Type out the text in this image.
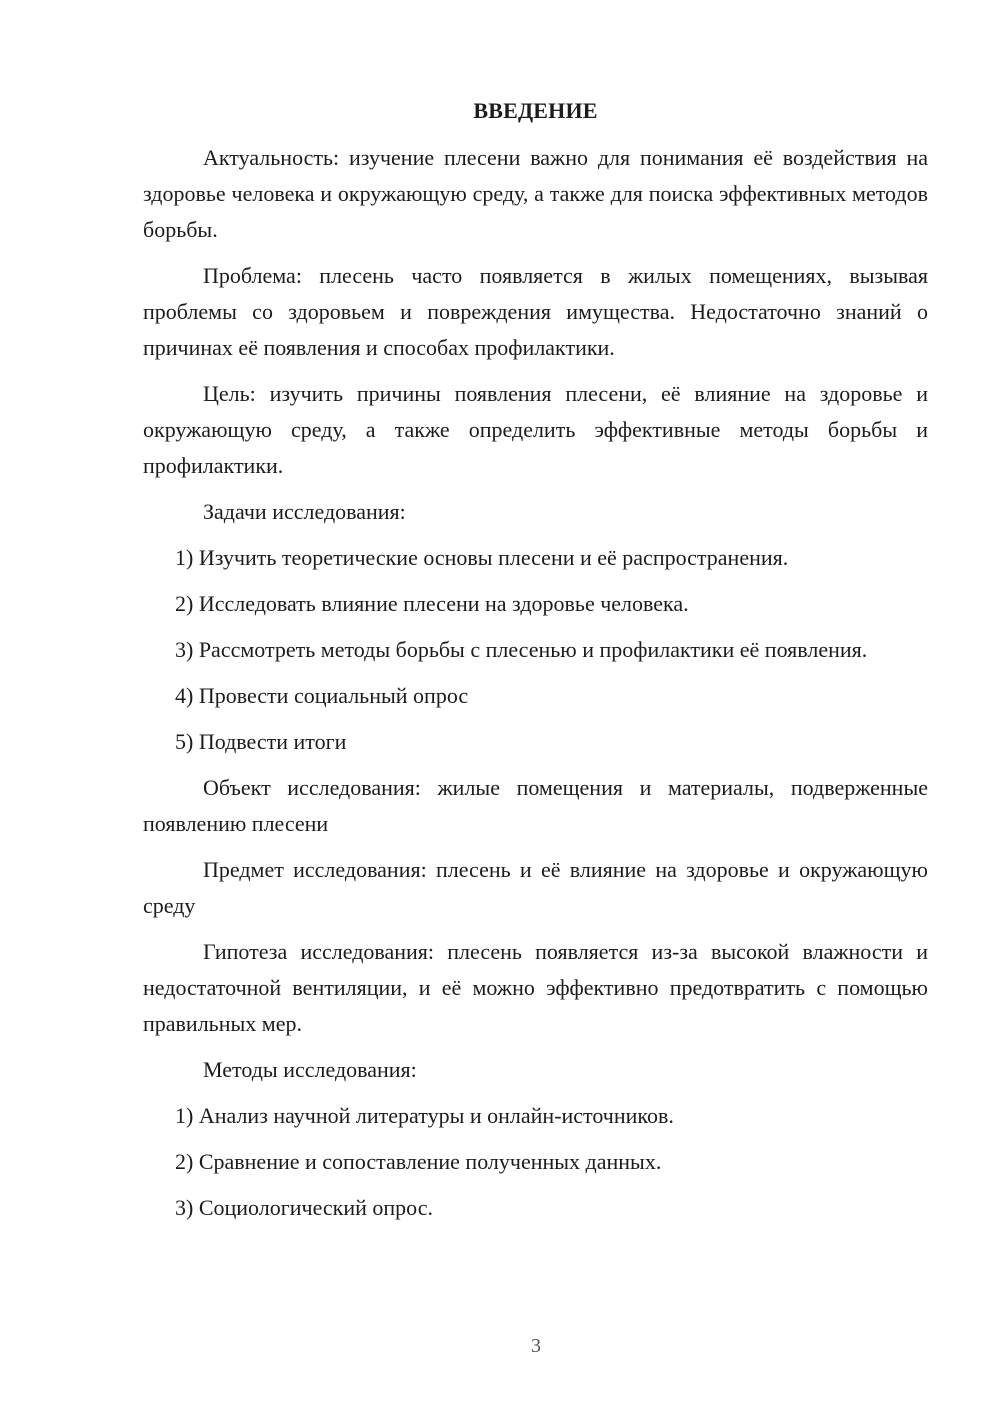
ВВЕДЕНИЕ

Актуальность: изучение плесени важно для понимания её воздействия на здоровье человека и окружающую среду, а также для поиска эффективных методов борьбы.

Проблема: плесень часто появляется в жилых помещениях, вызывая проблемы со здоровьем и повреждения имущества. Недостаточно знаний о причинах её появления и способах профилактики.

Цель: изучить причины появления плесени, её влияние на здоровье и окружающую среду, а также определить эффективные методы борьбы и профилактики.

Задачи исследования:

1) Изучить теоретические основы плесени и её распространения.

2) Исследовать влияние плесени на здоровье человека.

3) Рассмотреть методы борьбы с плесенью и профилактики её появления.

4) Провести социальный опрос

5) Подвести итоги

Объект исследования: жилые помещения и материалы, подверженные появлению плесени

Предмет исследования: плесень и её влияние на здоровье и окружающую среду

Гипотеза исследования: плесень появляется из-за высокой влажности и недостаточной вентиляции, и её можно эффективно предотвратить с помощью правильных мер.

Методы исследования:

1) Анализ научной литературы и онлайн-источников.

2) Сравнение и сопоставление полученных данных.

3) Социологический опрос.

3
